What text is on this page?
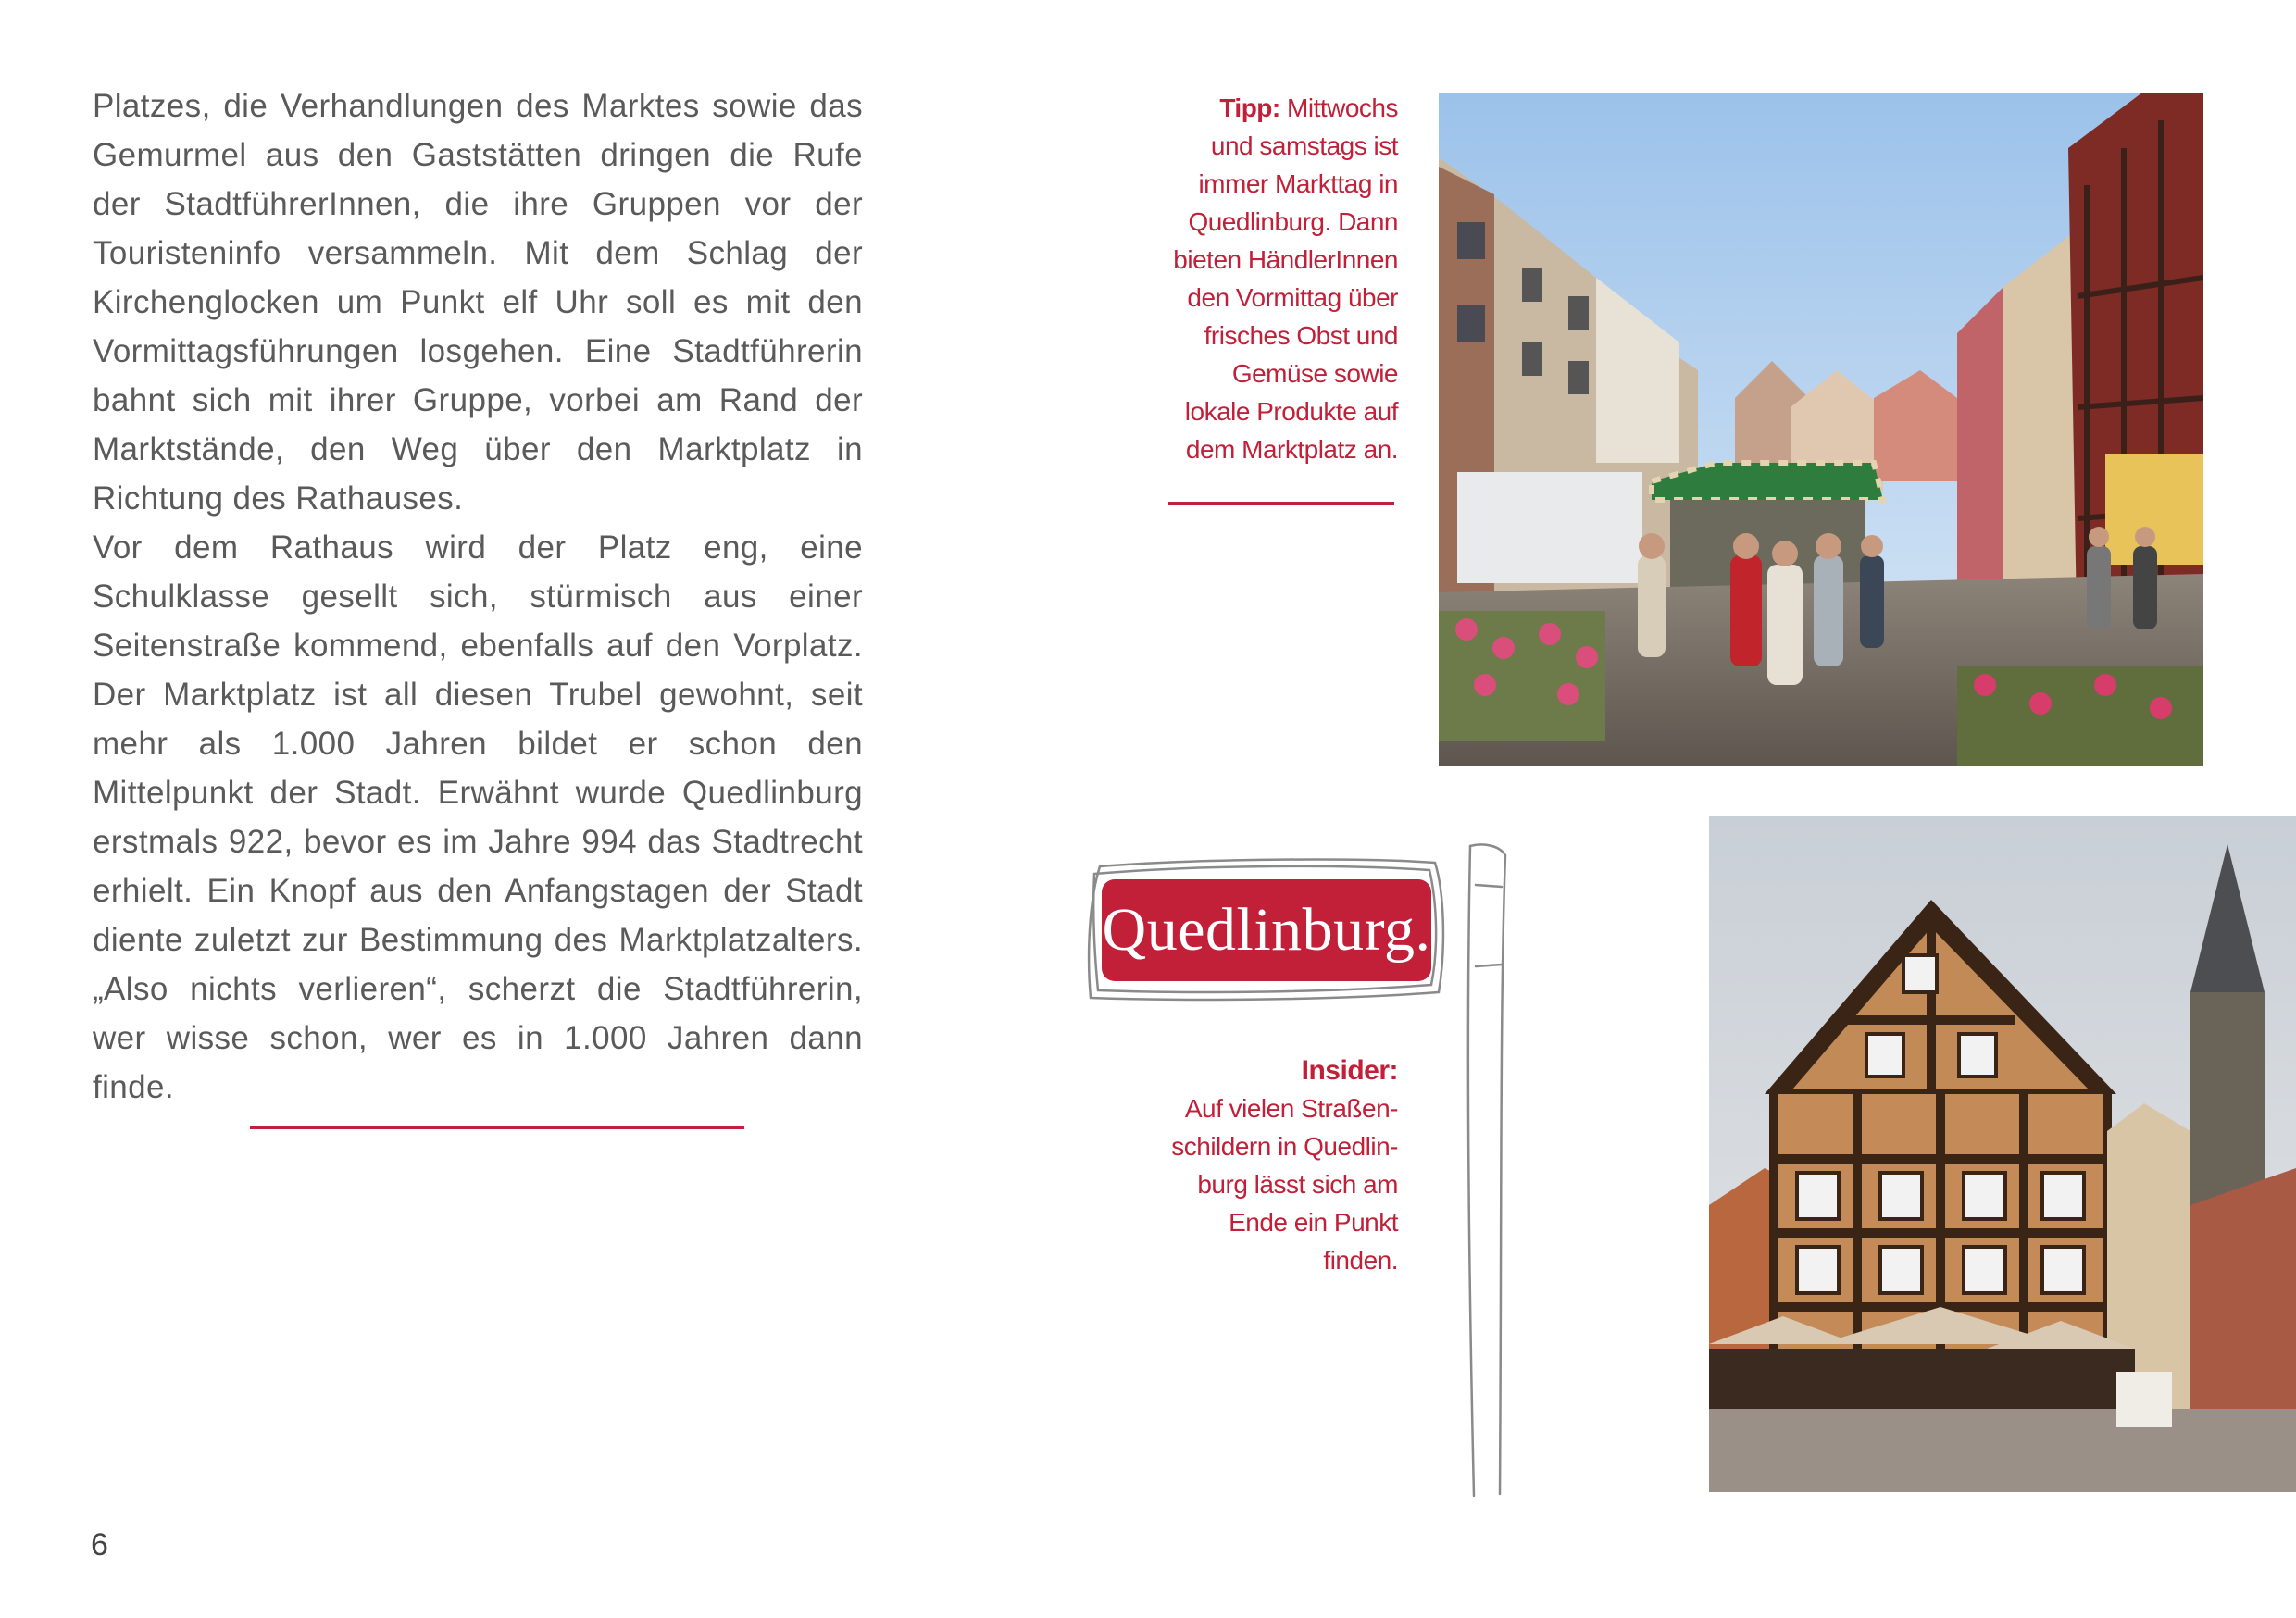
Platzes, die Verhandlungen des Marktes sowie das Gemurmel aus den Gaststätten dringen die Rufe der StadtführerInnen, die ihre Gruppen vor der Touristeninfo versammeln. Mit dem Schlag der Kirchenglocken um Punkt elf Uhr soll es mit den Vormittagsführungen losgehen. Eine Stadtführerin bahnt sich mit ihrer Gruppe, vorbei am Rand der Marktstände, den Weg über den Marktplatz in Richtung des Rathauses.

Vor dem Rathaus wird der Platz eng, eine Schulklasse gesellt sich, stürmisch aus einer Seitenstraße kommend, ebenfalls auf den Vorplatz. Der Marktplatz ist all diesen Trubel gewohnt, seit mehr als 1.000 Jahren bildet er schon den Mittelpunkt der Stadt. Erwähnt wurde Quedlinburg erstmals 922, bevor es im Jahre 994 das Stadtrecht erhielt. Ein Knopf aus den Anfangstagen der Stadt diente zuletzt zur Bestimmung des Marktplatzalters. „Also nichts verlieren“, scherzt die Stadtführerin, wer wisse schon, wer es in 1.000 Jahren dann finde.

6

Tipp: Mittwochs

und samstags ist

immer Markttag in

Quedlinburg. Dann

bieten HändlerInnen

den Vormittag über

frisches Obst und

Gemüse sowie

lokale Produkte auf

dem Marktplatz an.

Quedlinburg.

Insider:

Auf vielen Straßen-

schildern in Quedlin-

burg lässt sich am

Ende ein Punkt

finden.
